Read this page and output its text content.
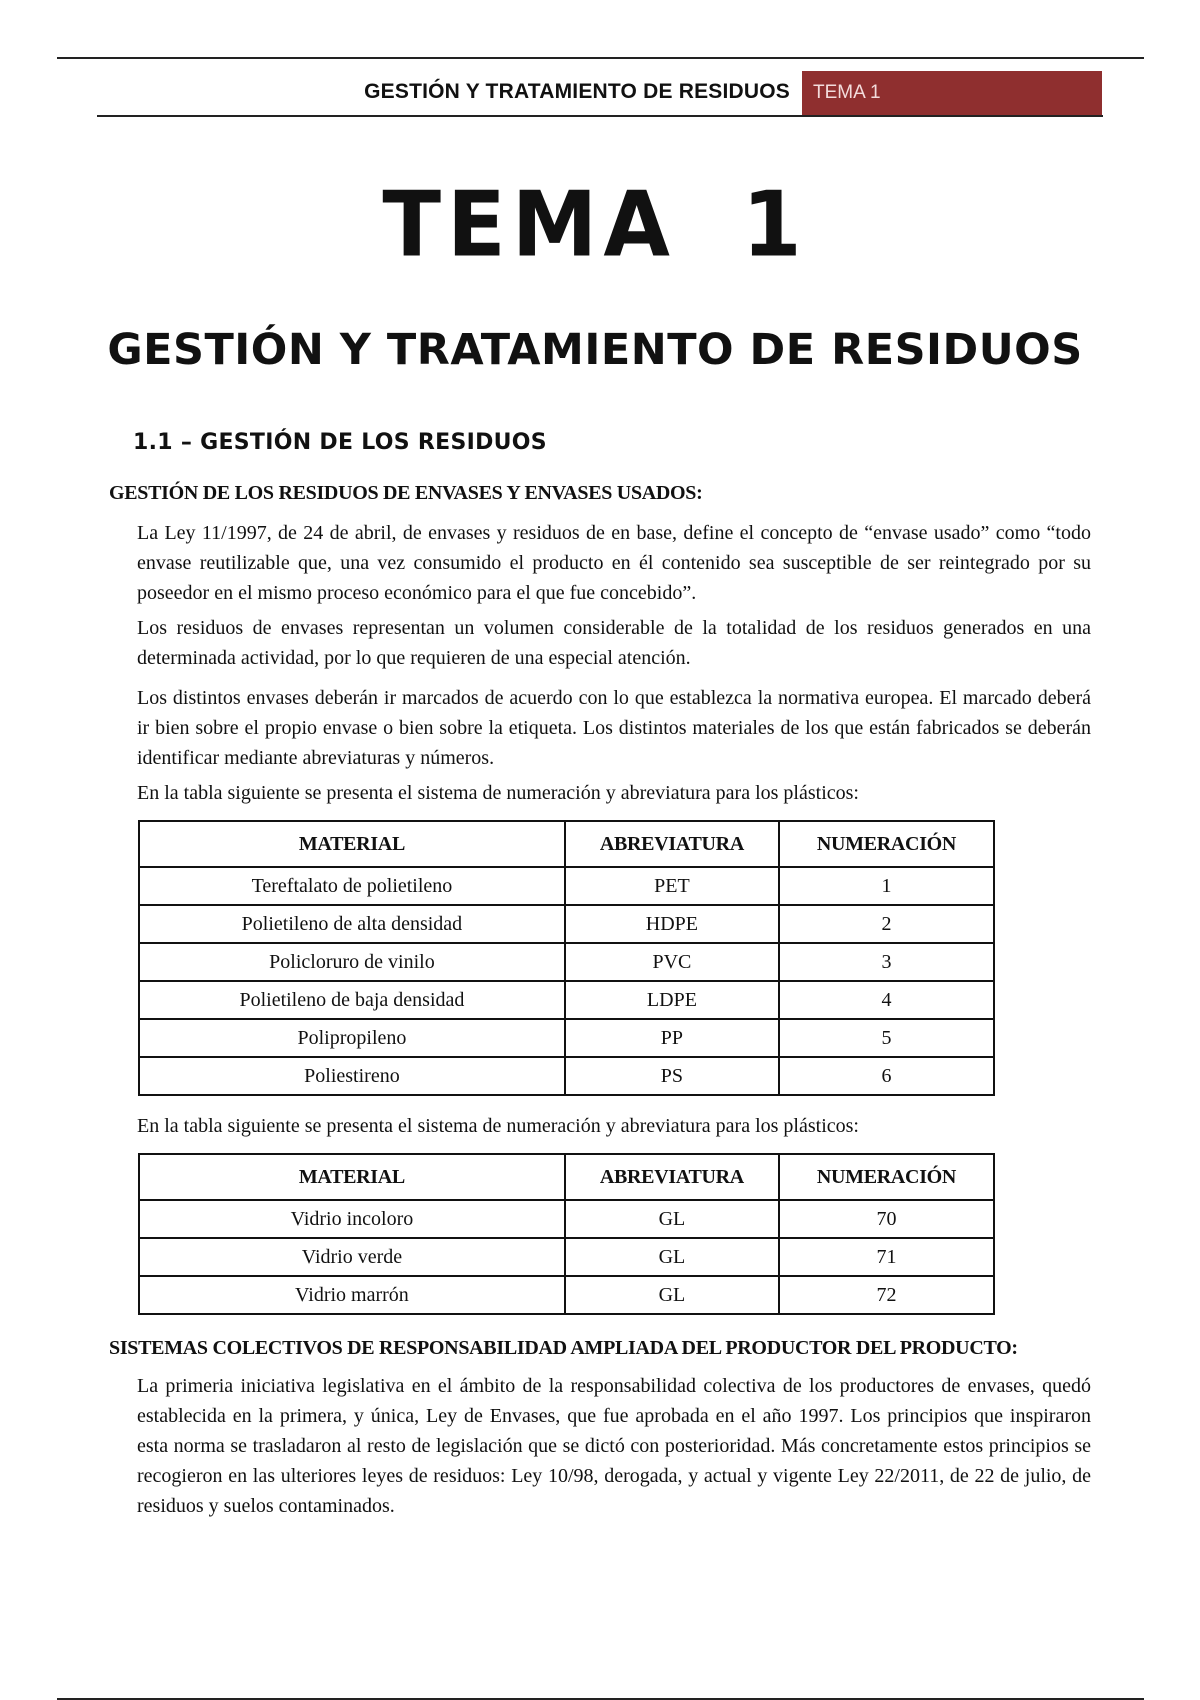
GESTIÓN Y TRATAMIENTO DE RESIDUOS	TEMA 1
TEMA 1
GESTIÓN Y TRATAMIENTO DE RESIDUOS
1.1 – GESTIÓN DE LOS RESIDUOS
GESTIÓN DE LOS RESIDUOS DE ENVASES Y ENVASES USADOS:
La Ley 11/1997, de 24 de abril, de envases y residuos de en base, define el concepto de “envase usado” como “todo envase reutilizable que, una vez consumido el producto en él contenido sea susceptible de ser reintegrado por su poseedor en el mismo proceso económico para el que fue concebido”.
Los residuos de envases representan un volumen considerable de la totalidad de los residuos generados en una determinada actividad, por lo que requieren de una especial atención.
Los distintos envases deberán ir marcados de acuerdo con lo que establezca la normativa europea. El marcado deberá ir bien sobre el propio envase o bien sobre la etiqueta. Los distintos materiales de los que están fabricados se deberán identificar mediante abreviaturas y números.
En la tabla siguiente se presenta el sistema de numeración y abreviatura para los plásticos:
MATERIAL	ABREVIATURA	NUMERACIÓN
Tereftalato de polietileno	PET	1
Polietileno de alta densidad	HDPE	2
Policloruro de vinilo	PVC	3
Polietileno de baja densidad	LDPE	4
Polipropileno	PP	5
Poliestireno	PS	6
En la tabla siguiente se presenta el sistema de numeración y abreviatura para los plásticos:
MATERIAL	ABREVIATURA	NUMERACIÓN
Vidrio incoloro	GL	70
Vidrio verde	GL	71
Vidrio marrón	GL	72
SISTEMAS COLECTIVOS DE RESPONSABILIDAD AMPLIADA DEL PRODUCTOR DEL PRODUCTO:
La primeria iniciativa legislativa en el ámbito de la responsabilidad colectiva de los productores de envases, quedó establecida en la primera, y única, Ley de Envases, que fue aprobada en el año 1997. Los principios que inspiraron esta norma se trasladaron al resto de legislación que se dictó con posterioridad. Más concretamente estos principios se recogieron en las ulteriores leyes de residuos: Ley 10/98, derogada, y actual y vigente Ley 22/2011, de 22 de julio, de residuos y suelos contaminados.
